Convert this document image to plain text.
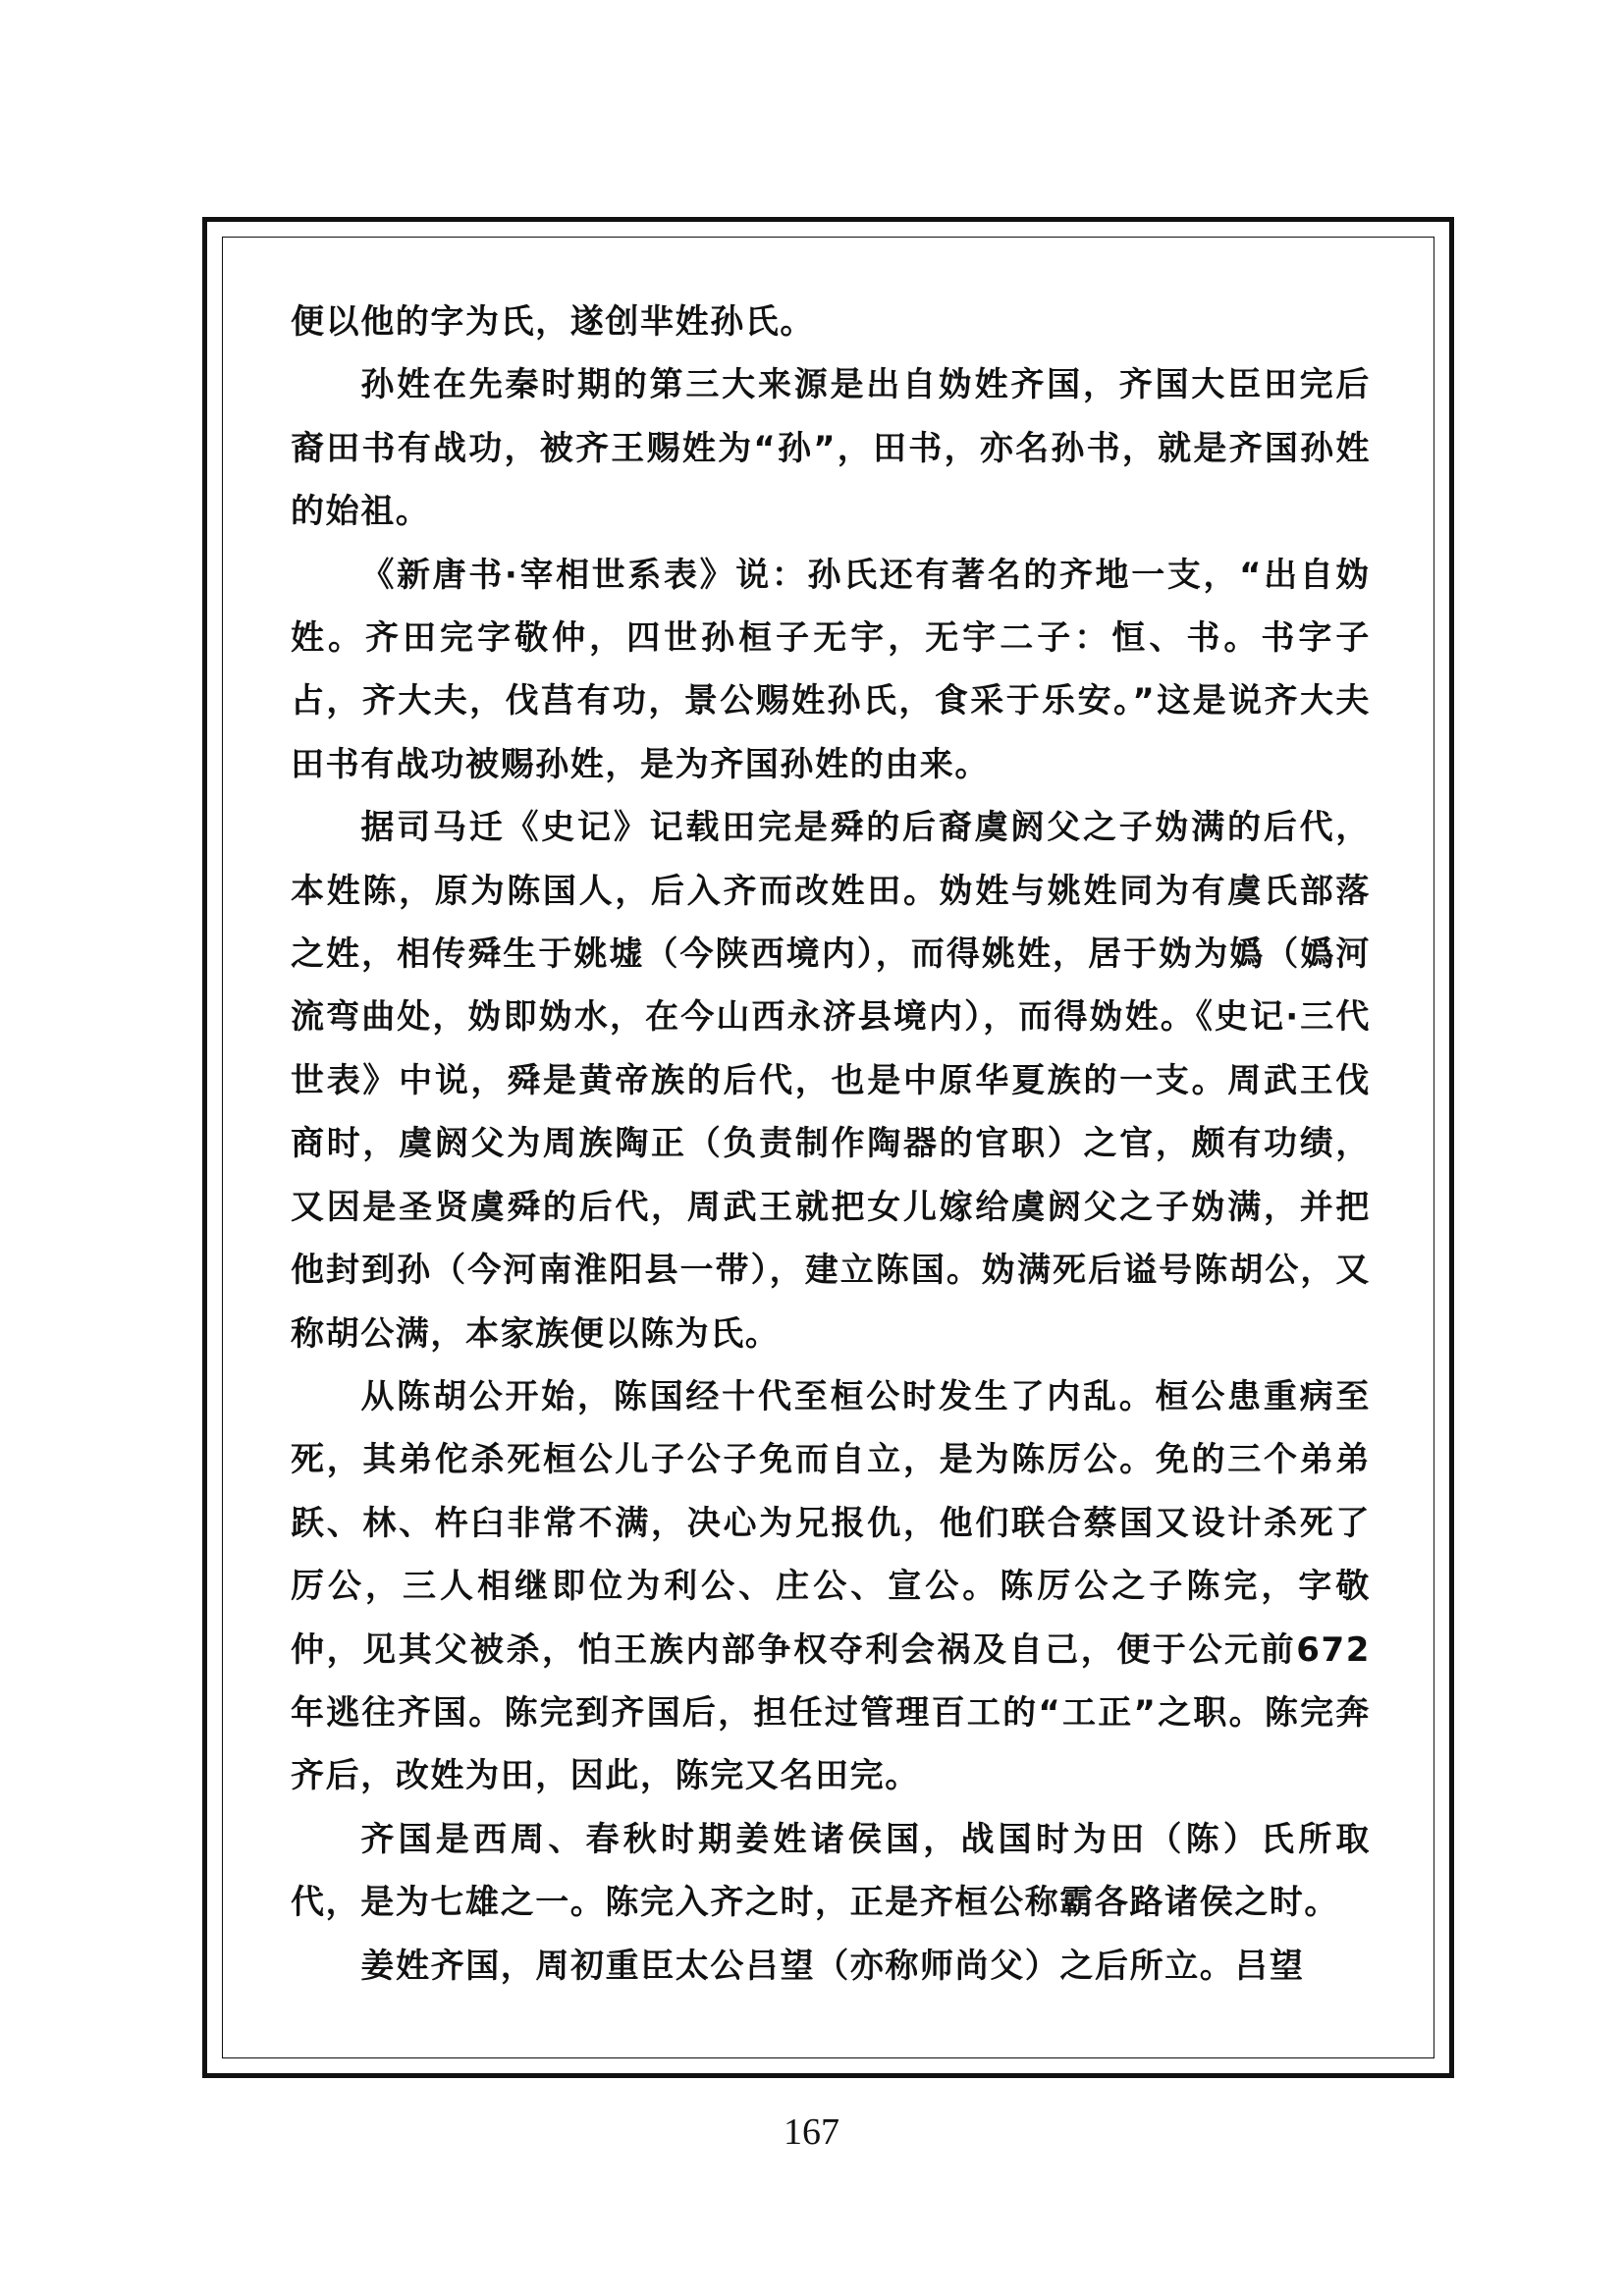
便以他的字为氏，遂创芈姓孙氏。

孙姓在先秦时期的第三大来源是出自妫姓齐国，齐国大臣田完后裔田书有战功，被齐王赐姓为“孙”，田书，亦名孙书，就是齐国孙姓的始祖。

《新唐书·宰相世系表》说：孙氏还有著名的齐地一支，“出自妫姓。齐田完字敬仲，四世孙桓子无宇，无宇二子：恒、书。书字子占，齐大夫，伐莒有功，景公赐姓孙氏，食采于乐安。”这是说齐大夫田书有战功被赐孙姓，是为齐国孙姓的由来。

据司马迁《史记》记载田完是舜的后裔虞阏父之子妫满的后代，本姓陈，原为陈国人，后入齐而改姓田。妫姓与姚姓同为有虞氏部落之姓，相传舜生于姚墟（今陕西境内），而得姚姓，居于妫为嬀（嬀河流弯曲处，妫即妫水，在今山西永济县境内），而得妫姓。《史记·三代世表》中说，舜是黄帝族的后代，也是中原华夏族的一支。周武王伐商时，虞阏父为周族陶正（负责制作陶器的官职）之官，颇有功绩，又因是圣贤虞舜的后代，周武王就把女儿嫁给虞阏父之子妫满，并把他封到孙（今河南淮阳县一带），建立陈国。妫满死后谥号陈胡公，又称胡公满，本家族便以陈为氏。

从陈胡公开始，陈国经十代至桓公时发生了内乱。桓公患重病至死，其弟佗杀死桓公儿子公子免而自立，是为陈厉公。免的三个弟弟跃、林、杵臼非常不满，决心为兄报仇，他们联合蔡国又设计杀死了厉公，三人相继即位为利公、庄公、宣公。陈厉公之子陈完，字敬仲，见其父被杀，怕王族内部争权夺利会祸及自己，便于公元前672年逃往齐国。陈完到齐国后，担任过管理百工的“工正”之职。陈完奔齐后，改姓为田，因此，陈完又名田完。

齐国是西周、春秋时期姜姓诸侯国，战国时为田（陈）氏所取代，是为七雄之一。陈完入齐之时，正是齐桓公称霸各路诸侯之时。

姜姓齐国，周初重臣太公吕望（亦称师尚父）之后所立。吕望

167
